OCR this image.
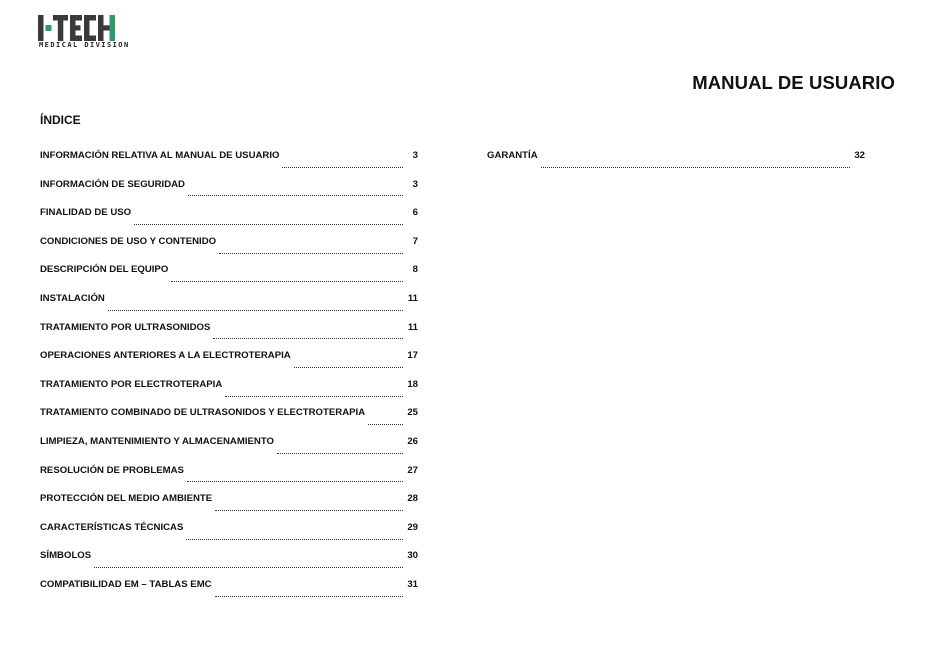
MEDICAL DIVISION
MANUAL DE USUARIO
ÍNDICE
INFORMACIÓN RELATIVA AL MANUAL DE USUARIO	3
INFORMACIÓN DE SEGURIDAD	3
FINALIDAD DE USO	6
CONDICIONES DE USO Y CONTENIDO	7
DESCRIPCIÓN DEL EQUIPO	8
INSTALACIÓN	11
TRATAMIENTO POR ULTRASONIDOS	11
OPERACIONES ANTERIORES A LA ELECTROTERAPIA	17
TRATAMIENTO POR ELECTROTERAPIA	18
TRATAMIENTO COMBINADO DE ULTRASONIDOS Y ELECTROTERAPIA	25
LIMPIEZA, MANTENIMIENTO Y ALMACENAMIENTO	26
RESOLUCIÓN DE PROBLEMAS	27
PROTECCIÓN DEL MEDIO AMBIENTE	28
CARACTERÍSTICAS TÉCNICAS	29
SÍMBOLOS	30
COMPATIBILIDAD EM – TABLAS EMC	31
GARANTÍA	32
